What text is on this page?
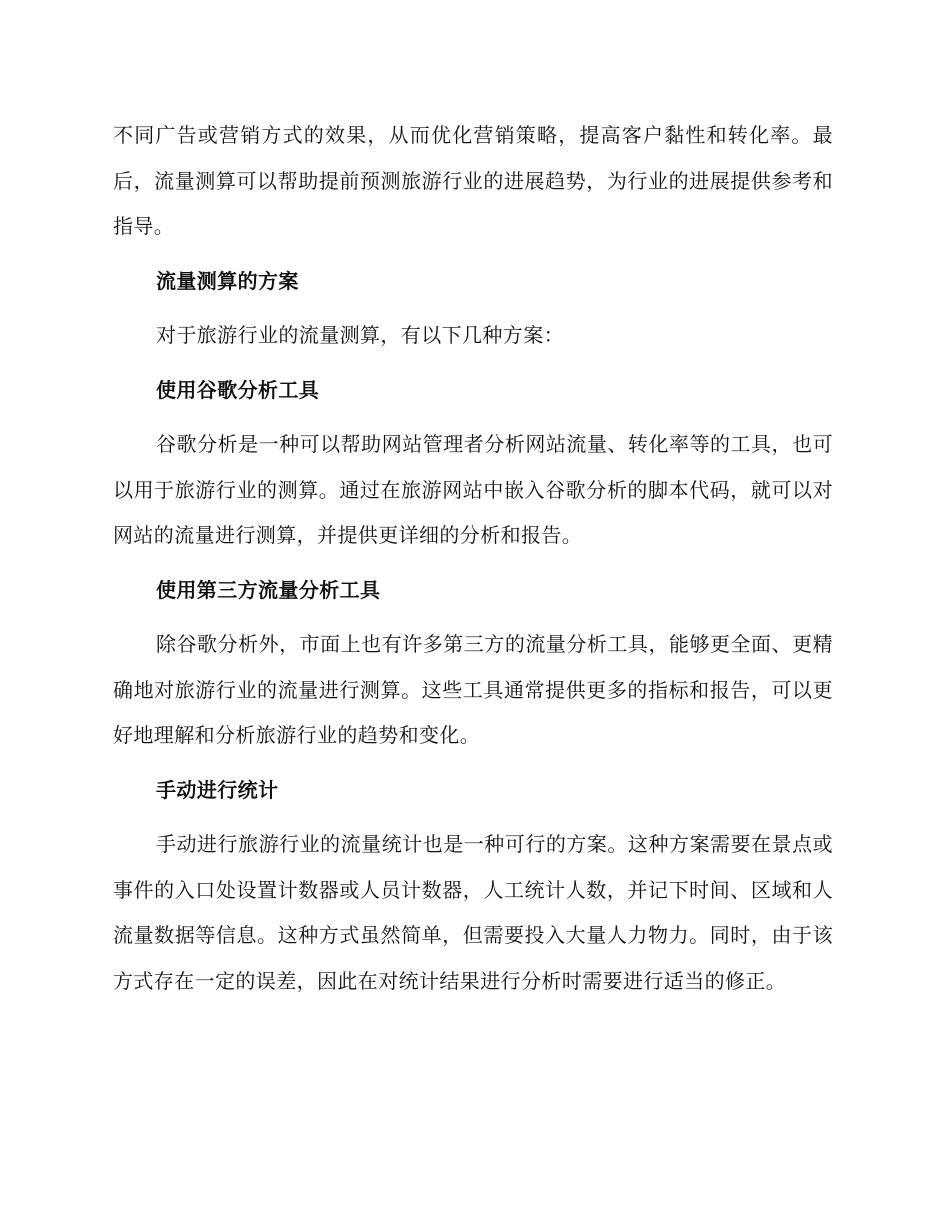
不同广告或营销方式的效果，从而优化营销策略，提高客户黏性和转化率。最后，流量测算可以帮助提前预测旅游行业的进展趋势，为行业的进展提供参考和指导。

流量测算的方案

对于旅游行业的流量测算，有以下几种方案：

使用谷歌分析工具

谷歌分析是一种可以帮助网站管理者分析网站流量、转化率等的工具，也可以用于旅游行业的测算。通过在旅游网站中嵌入谷歌分析的脚本代码，就可以对网站的流量进行测算，并提供更详细的分析和报告。

使用第三方流量分析工具

除谷歌分析外，市面上也有许多第三方的流量分析工具，能够更全面、更精确地对旅游行业的流量进行测算。这些工具通常提供更多的指标和报告，可以更好地理解和分析旅游行业的趋势和变化。

手动进行统计

手动进行旅游行业的流量统计也是一种可行的方案。这种方案需要在景点或事件的入口处设置计数器或人员计数器，人工统计人数，并记下时间、区域和人流量数据等信息。这种方式虽然简单，但需要投入大量人力物力。同时，由于该方式存在一定的误差，因此在对统计结果进行分析时需要进行适当的修正。
